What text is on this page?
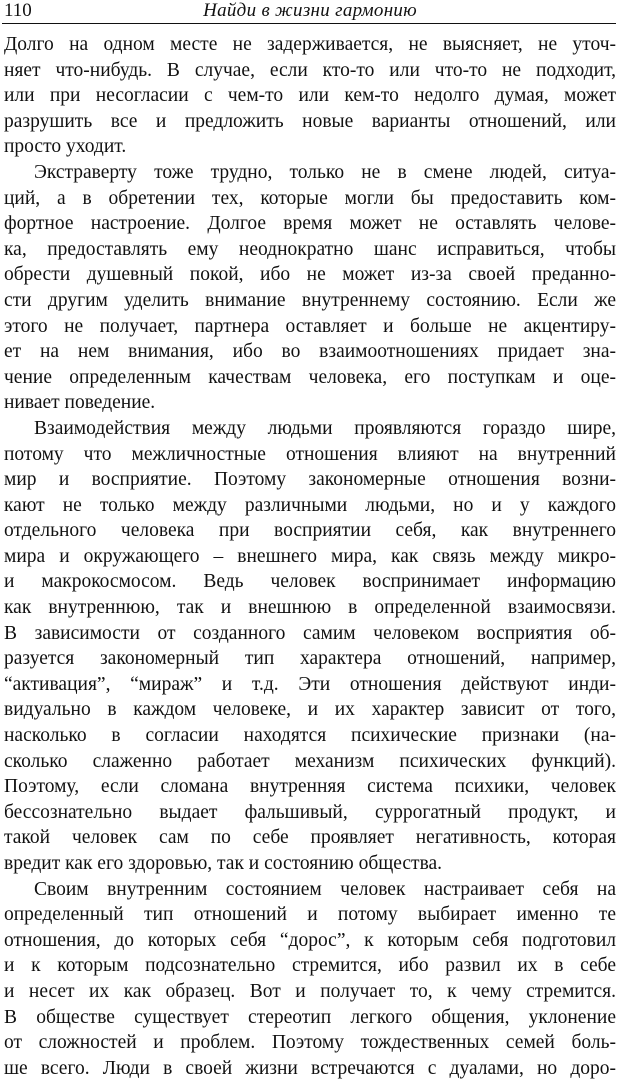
110	Найди в жизни гармонию
Долго на одном месте не задерживается, не выясняет, не уточ-
няет что-нибудь. В случае, если кто-то или что-то не подходит,
или при несогласии с чем-то или кем-то недолго думая, может
разрушить все и предложить новые варианты отношений, или
просто уходит.
Экстраверту тоже трудно, только не в смене людей, ситуа-
ций, а в обретении тех, которые могли бы предоставить ком-
фортное настроение. Долгое время может не оставлять челове-
ка, предоставлять ему неоднократно шанс исправиться, чтобы
обрести душевный покой, ибо не может из-за своей преданно-
сти другим уделить внимание внутреннему состоянию. Если же
этого не получает, партнера оставляет и больше не акцентиру-
ет на нем внимания, ибо во взаимоотношениях придает зна-
чение определенным качествам человека, его поступкам и оце-
нивает поведение.
Взаимодействия между людьми проявляются гораздо шире,
потому что межличностные отношения влияют на внутренний
мир и восприятие. Поэтому закономерные отношения возни-
кают не только между различными людьми, но и у каждого
отдельного человека при восприятии себя, как внутреннего
мира и окружающего – внешнего мира, как связь между микро-
и макрокосмосом. Ведь человек воспринимает информацию
как внутреннюю, так и внешнюю в определенной взаимосвязи.
В зависимости от созданного самим человеком восприятия об-
разуется закономерный тип характера отношений, например,
“активация”, “мираж” и т.д. Эти отношения действуют инди-
видуально в каждом человеке, и их характер зависит от того,
насколько в согласии находятся психические признаки (на-
сколько слаженно работает механизм психических функций).
Поэтому, если сломана внутренняя система психики, человек
бессознательно выдает фальшивый, суррогатный продукт, и
такой человек сам по себе проявляет негативность, которая
вредит как его здоровью, так и состоянию общества.
Своим внутренним состоянием человек настраивает себя на
определенный тип отношений и потому выбирает именно те
отношения, до которых себя “дорос”, к которым себя подготовил
и к которым подсознательно стремится, ибо развил их в себе
и несет их как образец. Вот и получает то, к чему стремится.
В обществе существует стереотип легкого общения, уклонение
от сложностей и проблем. Поэтому тождественных семей боль-
ше всего. Люди в своей жизни встречаются с дуалами, но доро-
